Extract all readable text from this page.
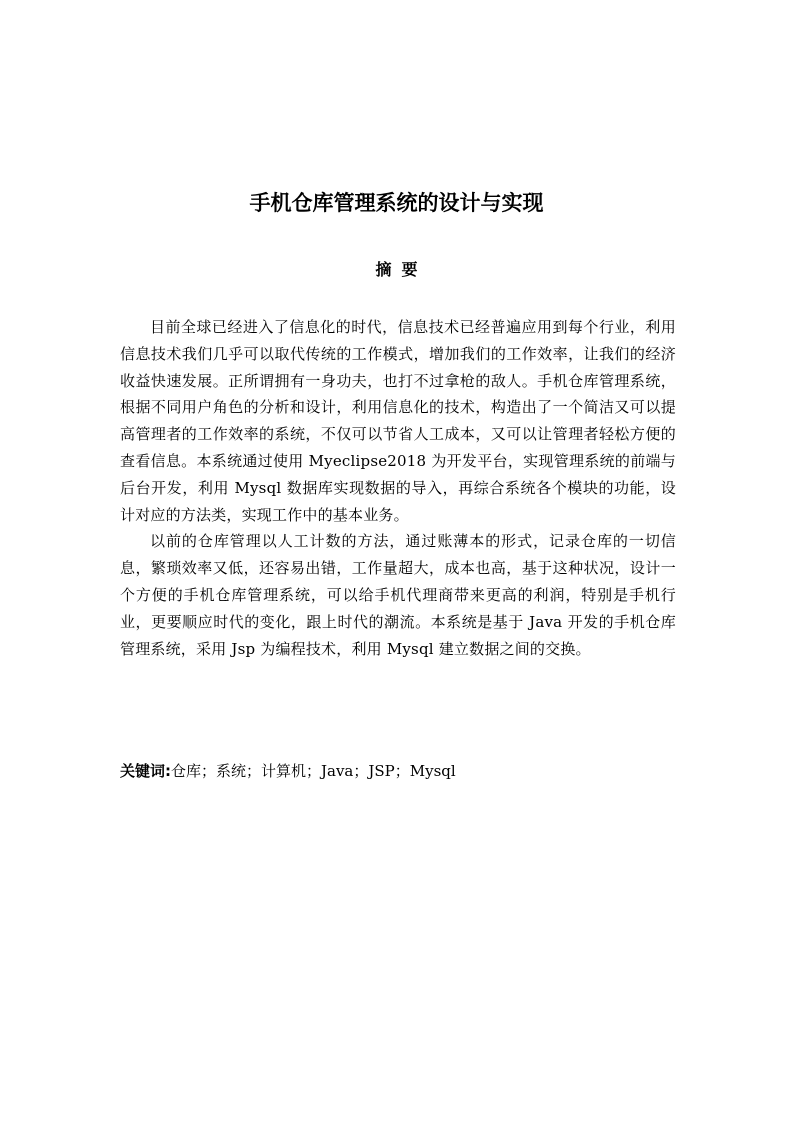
手机仓库管理系统的设计与实现
摘 要

目前全球已经进入了信息化的时代，信息技术已经普遍应用到每个行业，利用信息技术我们几乎可以取代传统的工作模式，增加我们的工作效率，让我们的经济收益快速发展。正所谓拥有一身功夫，也打不过拿枪的敌人。手机仓库管理系统，根据不同用户角色的分析和设计，利用信息化的技术，构造出了一个简洁又可以提高管理者的工作效率的系统，不仅可以节省人工成本，又可以让管理者轻松方便的查看信息。本系统通过使用 Myeclipse2018 为开发平台，实现管理系统的前端与后台开发，利用 Mysql 数据库实现数据的导入，再综合系统各个模块的功能，设计对应的方法类，实现工作中的基本业务。

以前的仓库管理以人工计数的方法，通过账薄本的形式，记录仓库的一切信息，繁琐效率又低，还容易出错，工作量超大，成本也高，基于这种状况，设计一个方便的手机仓库管理系统，可以给手机代理商带来更高的利润，特别是手机行业，更要顺应时代的变化，跟上时代的潮流。本系统是基于 Java 开发的手机仓库管理系统，采用 Jsp 为编程技术，利用 Mysql 建立数据之间的交换。

关键词:仓库；系统；计算机；Java；JSP；Mysql
